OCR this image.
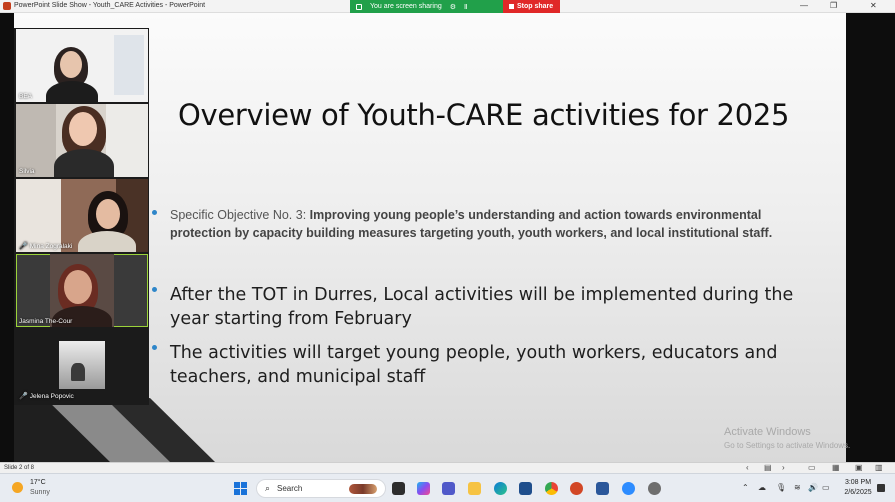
PowerPoint Slide Show - Youth_CARE Activities - PowerPoint	—	❐	✕
You are screen sharing ⚙ Ⅱ	Stop share
Overview of Youth-CARE activities for 2025
Specific Objective No. 3: Improving young people’s understanding and action towards environmental protection by capacity building measures targeting youth, youth workers, and local institutional staff.
After the TOT in Durres, Local activities will be implemented during the year starting from February
The activities will target young people, youth workers, educators and teachers, and municipal staff
Activate Windows
Go to Settings to activate Windows.
BEA
Silvia
🎤 Mina Zogralaki
Jasmina The-Cour
🎤 Jelena Popovic
Slide 2 of 8	‹ ▤ ›	▭ ▦ ▣ ▥
17°C
Sunny	⌕ Search	⌃ ☁ 🎙 ≋ 🔊 ▭
3:08 PM
2/6/2025
